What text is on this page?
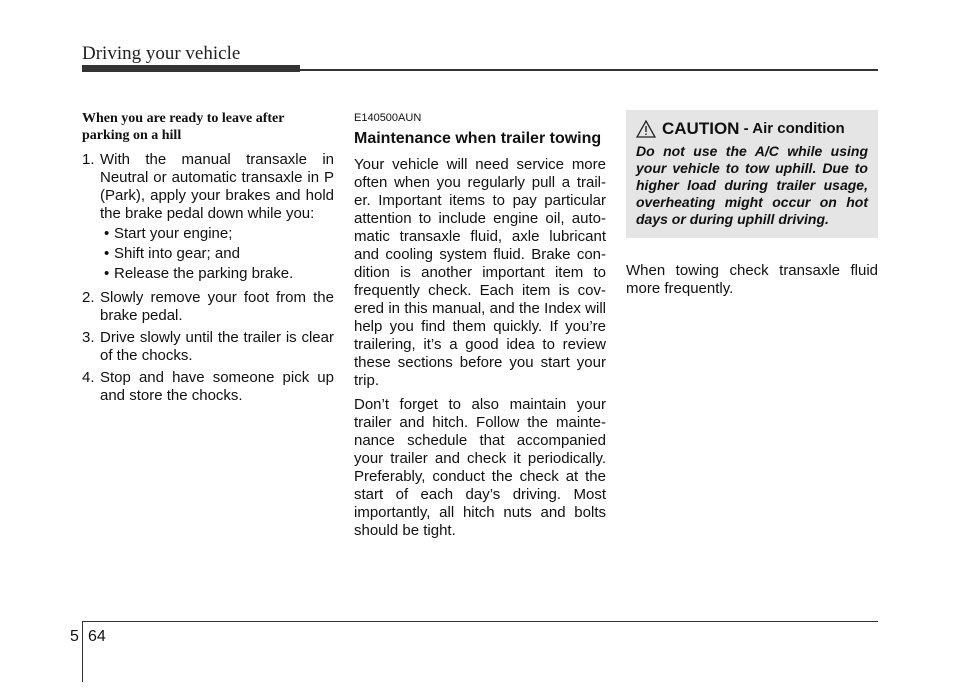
Driving your vehicle

When you are ready to leave after parking on a hill

1. With the manual transaxle in Neutral or automatic transaxle in P (Park), apply your brakes and hold the brake pedal down while you:

• Start your engine;
• Shift into gear; and
• Release the parking brake.
2. Slowly remove your foot from the brake pedal.

3. Drive slowly until the trailer is clear of the chocks.

4. Stop and have someone pick up and store the chocks.

E140500AUN
Maintenance when trailer towing

Your vehicle will need service more often when you regularly pull a trail-er. Important items to pay particular attention to include engine oil, auto-matic transaxle fluid, axle lubricant and cooling system fluid. Brake con-dition is another important item to frequently check. Each item is cov-ered in this manual, and the Index will help you find them quickly. If you’re trailering, it’s a good idea to review these sections before you start your trip.

Don’t forget to also maintain your trailer and hitch. Follow the mainte-nance schedule that accompanied your trailer and check it periodically. Preferably, conduct the check at the start of each day’s driving. Most importantly, all hitch nuts and bolts should be tight.

CAUTION - Air condition

Do not use the A/C while using your vehicle to tow uphill. Due to higher load during trailer usage, overheating might occur on hot days or during uphill driving.

When towing check transaxle fluid more frequently.

5 64
